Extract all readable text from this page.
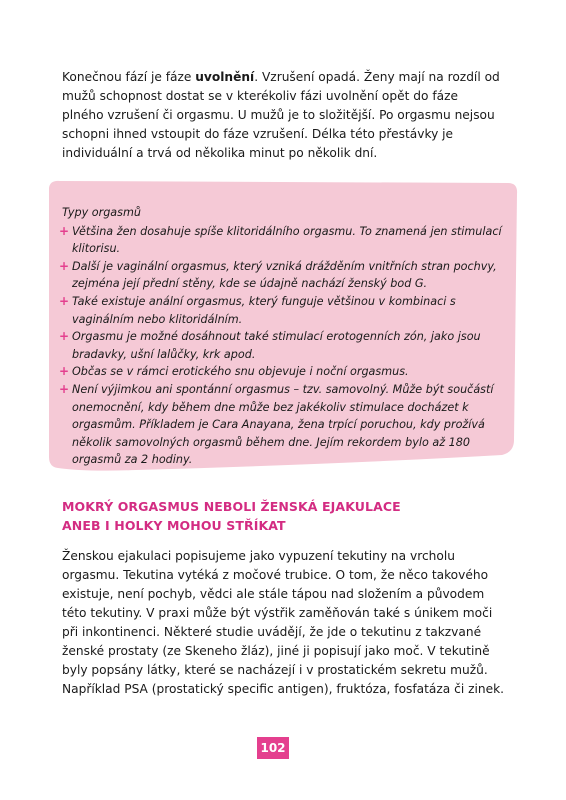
Konečnou fází je fáze uvolnění. Vzrušení opadá. Ženy mají na rozdíl od mužů schopnost dostat se v kterékoliv fázi uvolnění opět do fáze plného vzrušení či orgasmu. U mužů je to složitější. Po orgasmu nejsou schopni ihned vstoupit do fáze vzrušení. Délka této přestávky je individuální a trvá od několika minut po několik dní.

Typy orgasmů

+ Většina žen dosahuje spíše klitoridálního orgasmu. To znamená jen stimulací klitorisu.
+ Další je vaginální orgasmus, který vzniká drážděním vnitřních stran pochvy, zejména její přední stěny, kde se údajně nachází ženský bod G.
+ Také existuje anální orgasmus, který funguje většinou v kombinaci s vaginálním nebo klitoridálním.
+ Orgasmu je možné dosáhnout také stimulací erotogenních zón, jako jsou bradavky, ušní lalůčky, krk apod.
+ Občas se v rámci erotického snu objevuje i noční orgasmus.
+ Není výjimkou ani spontánní orgasmus – tzv. samovolný. Může být součástí onemocnění, kdy během dne může bez jakékoliv stimulace docházet k orgasmům. Příkladem je Cara Anayana, žena trpící poruchou, kdy prožívá několik samovolných orgasmů během dne. Jejím rekordem bylo až 180 orgasmů za 2 hodiny.
MOKRÝ ORGASMUS NEBOLI ŽENSKÁ EJAKULACE
ANEB I HOLKY MOHOU STŘÍKAT

Ženskou ejakulaci popisujeme jako vypuzení tekutiny na vrcholu orgasmu. Tekutina vytéká z močové trubice. O tom, že něco takového existuje, není pochyb, vědci ale stále tápou nad složením a původem této tekutiny. V praxi může být výstřik zaměňován také s únikem moči při inkontinenci. Některé studie uvádějí, že jde o tekutinu z takzvané ženské prostaty (ze Skeneho žláz), jiné ji popisují jako moč. V tekutině byly popsány látky, které se nacházejí i v prostatickém sekretu mužů. Například PSA (prostatický specific antigen), fruktóza, fosfatáza či zinek.

102
